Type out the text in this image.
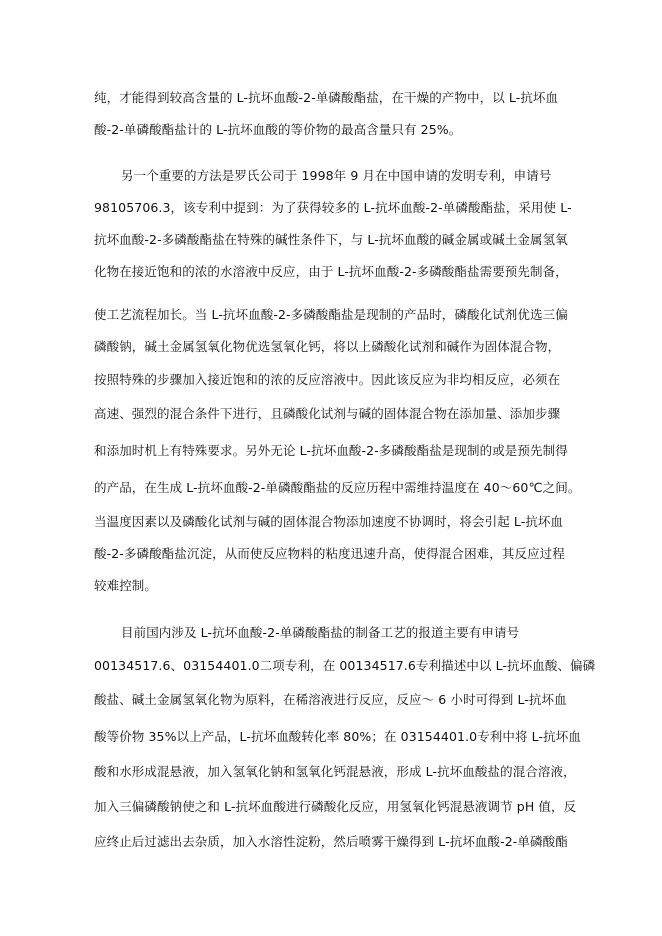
纯，才能得到较高含量的 L-抗坏血酸-2-单磷酸酯盐，在干燥的产物中，以 L-抗坏血
酸-2-单磷酸酯盐计的 L-抗坏血酸的等价物的最高含量只有 25%。
另一个重要的方法是罗氏公司于 1998年 9 月在中国申请的发明专利，申请号
98105706.3，该专利中提到：为了获得较多的 L-抗坏血酸-2-单磷酸酯盐，采用使 L-
抗坏血酸-2-多磷酸酯盐在特殊的碱性条件下，与 L-抗坏血酸的碱金属或碱土金属氢氧
化物在接近饱和的浓的水溶液中反应，由于 L-抗坏血酸-2-多磷酸酯盐需要预先制备，
使工艺流程加长。当 L-抗坏血酸-2-多磷酸酯盐是现制的产品时，磷酸化试剂优选三偏
磷酸钠，碱土金属氢氧化物优选氢氧化钙，将以上磷酸化试剂和碱作为固体混合物，
按照特殊的步骤加入接近饱和的浓的反应溶液中。因此该反应为非均相反应，必须在
高速、强烈的混合条件下进行，且磷酸化试剂与碱的固体混合物在添加量、添加步骤
和添加时机上有特殊要求。另外无论 L-抗坏血酸-2-多磷酸酯盐是现制的或是预先制得
的产品，在生成 L-抗坏血酸-2-单磷酸酯盐的反应历程中需维持温度在 40～60℃之间。
当温度因素以及磷酸化试剂与碱的固体混合物添加速度不协调时，将会引起 L-抗坏血
酸-2-多磷酸酯盐沉淀，从而使反应物料的粘度迅速升高，使得混合困难，其反应过程
较难控制。
目前国内涉及 L-抗坏血酸-2-单磷酸酯盐的制备工艺的报道主要有申请号
00134517.6、03154401.0二项专利，在 00134517.6专利描述中以 L-抗坏血酸、偏磷
酸盐、碱土金属氢氧化物为原料，在稀溶液进行反应，反应～ 6 小时可得到 L-抗坏血
酸等价物 35%以上产品，L-抗坏血酸转化率 80%；在 03154401.0专利中将 L-抗坏血
酸和水形成混悬液，加入氢氧化钠和氢氧化钙混悬液，形成 L-抗坏血酸盐的混合溶液，
加入三偏磷酸钠使之和 L-抗坏血酸进行磷酸化反应，用氢氧化钙混悬液调节 pH 值，反
应终止后过滤出去杂质，加入水溶性淀粉，然后喷雾干燥得到 L-抗坏血酸-2-单磷酸酯
